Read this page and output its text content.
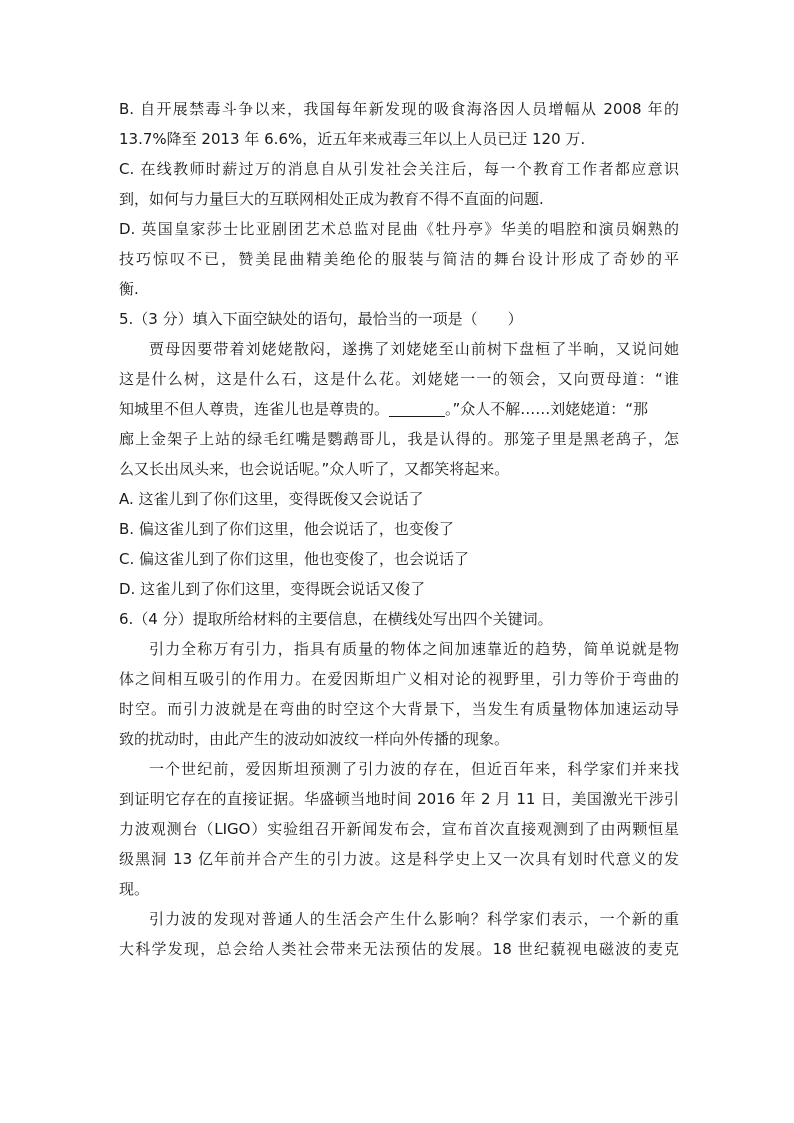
B. 自开展禁毒斗争以来，我国每年新发现的吸食海洛因人员增幅从 2008 年的
13.7%降至 2013 年 6.6%，近五年来戒毒三年以上人员已迂 120 万.
C. 在线教师时薪过万的消息自从引发社会关注后，每一个教育工作者都应意识
到，如何与力量巨大的互联网相处正成为教育不得不直面的问题.
D. 英国皇家莎士比亚剧团艺术总监对昆曲《牡丹亭》华美的唱腔和演员娴熟的
技巧惊叹不已，赞美昆曲精美绝伦的服装与简洁的舞台设计形成了奇妙的平
衡.
5.（3 分）填入下面空缺处的语句，最恰当的一项是（　　）
贾母因要带着刘姥姥散闷，遂携了刘姥姥至山前树下盘桓了半晌，又说问她
这是什么树，这是什么石，这是什么花。刘姥姥一一的领会，又向贾母道：“谁
知城里不但人尊贵，连雀儿也是尊贵的。	。”众人不解……刘姥姥道：“那
廊上金架子上站的绿毛红嘴是鹦鹉哥儿，我是认得的。那笼子里是黑老鸹子，怎
么又长出凤头来，也会说话呢。”众人听了，又都笑将起来。
A. 这雀儿到了你们这里，变得既俊又会说话了
B. 偏这雀儿到了你们这里，他会说话了，也变俊了
C. 偏这雀儿到了你们这里，他也变俊了，也会说话了
D. 这雀儿到了你们这里，变得既会说话又俊了
6.（4 分）提取所给材料的主要信息，在横线处写出四个关键词。
引力全称万有引力，指具有质量的物体之间加速靠近的趋势，简单说就是物
体之间相互吸引的作用力。在爱因斯坦广义相对论的视野里，引力等价于弯曲的
时空。而引力波就是在弯曲的时空这个大背景下，当发生有质量物体加速运动导
致的扰动时，由此产生的波动如波纹一样向外传播的现象。
一个世纪前，爱因斯坦预测了引力波的存在，但近百年来，科学家们并来找
到证明它存在的直接证据。华盛顿当地时间 2016 年 2 月 11 日，美国激光干涉引
力波观测台（LIGO）实验组召开新闻发布会，宣布首次直接观测到了由两颗恒星
级黑洞 13 亿年前并合产生的引力波。这是科学史上又一次具有划时代意义的发
现。
引力波的发现对普通人的生活会产生什么影响？科学家们表示，一个新的重
大科学发现，总会给人类社会带来无法预估的发展。18 世纪藐视电磁波的麦克
